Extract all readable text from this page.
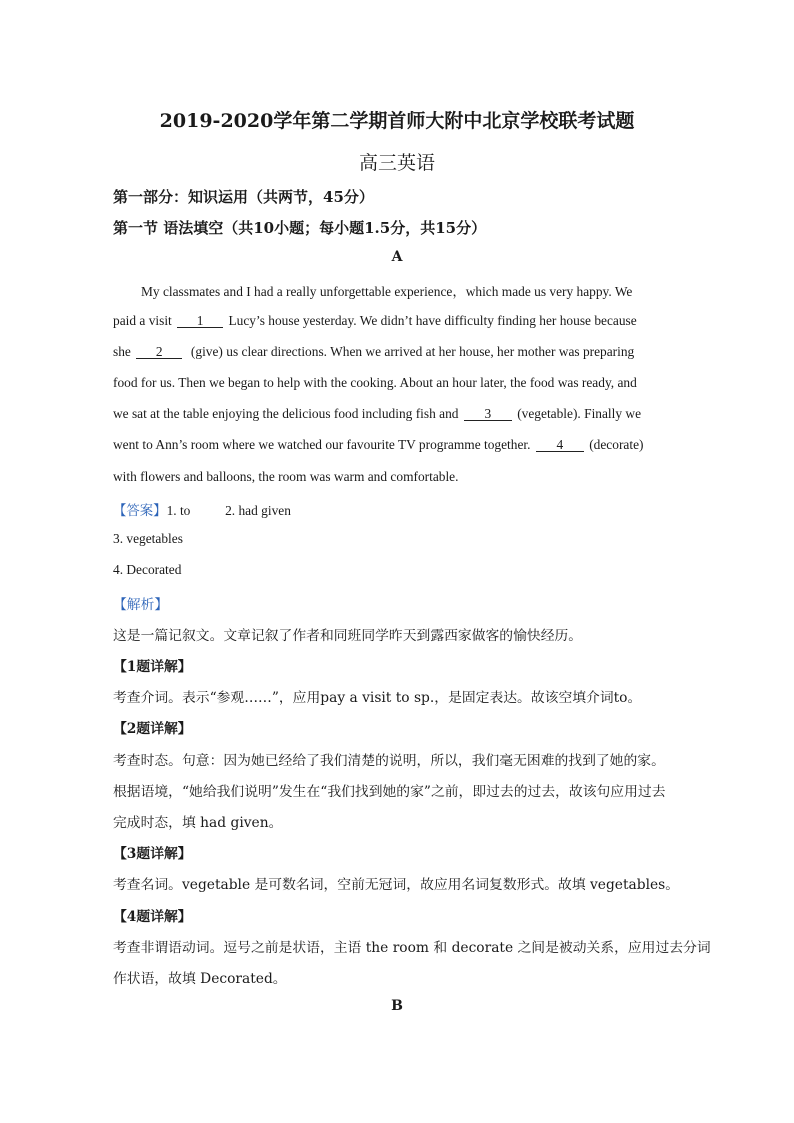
2019-2020学年第二学期首师大附中北京学校联考试题
高三英语
第一部分：知识运用（共两节，45分）
第一节 语法填空（共10小题；每小题1.5分，共15分）
A
My classmates and I had a really unforgettable experience，which made us very happy. We
paid a visit 1 Lucy’s house yesterday. We didn’t have difficulty finding her house because
she 2 (give) us clear directions. When we arrived at her house, her mother was preparing
food for us. Then we began to help with the cooking. About an hour later, the food was ready, and
we sat at the table enjoying the delicious food including fish and 3 (vegetable). Finally we
went to Ann’s room where we watched our favourite TV programme together. 4 (decorate)
with flowers and balloons, the room was warm and comfortable.
【答案】1. to	2. had given
3. vegetables
4. Decorated
【解析】
这是一篇记叙文。文章记叙了作者和同班同学昨天到露西家做客的愉快经历。
【1题详解】
考查介词。表示“参观……”，应用pay a visit to sp.，是固定表达。故该空填介词to。
【2题详解】
考查时态。句意：因为她已经给了我们清楚的说明，所以，我们毫无困难的找到了她的家。
根据语境，“她给我们说明”发生在“我们找到她的家”之前，即过去的过去，故该句应用过去
完成时态，填 had given。
【3题详解】
考查名词。vegetable 是可数名词，空前无冠词，故应用名词复数形式。故填 vegetables。
【4题详解】
考查非谓语动词。逗号之前是状语，主语 the room 和 decorate 之间是被动关系，应用过去分词
作状语，故填 Decorated。
B
